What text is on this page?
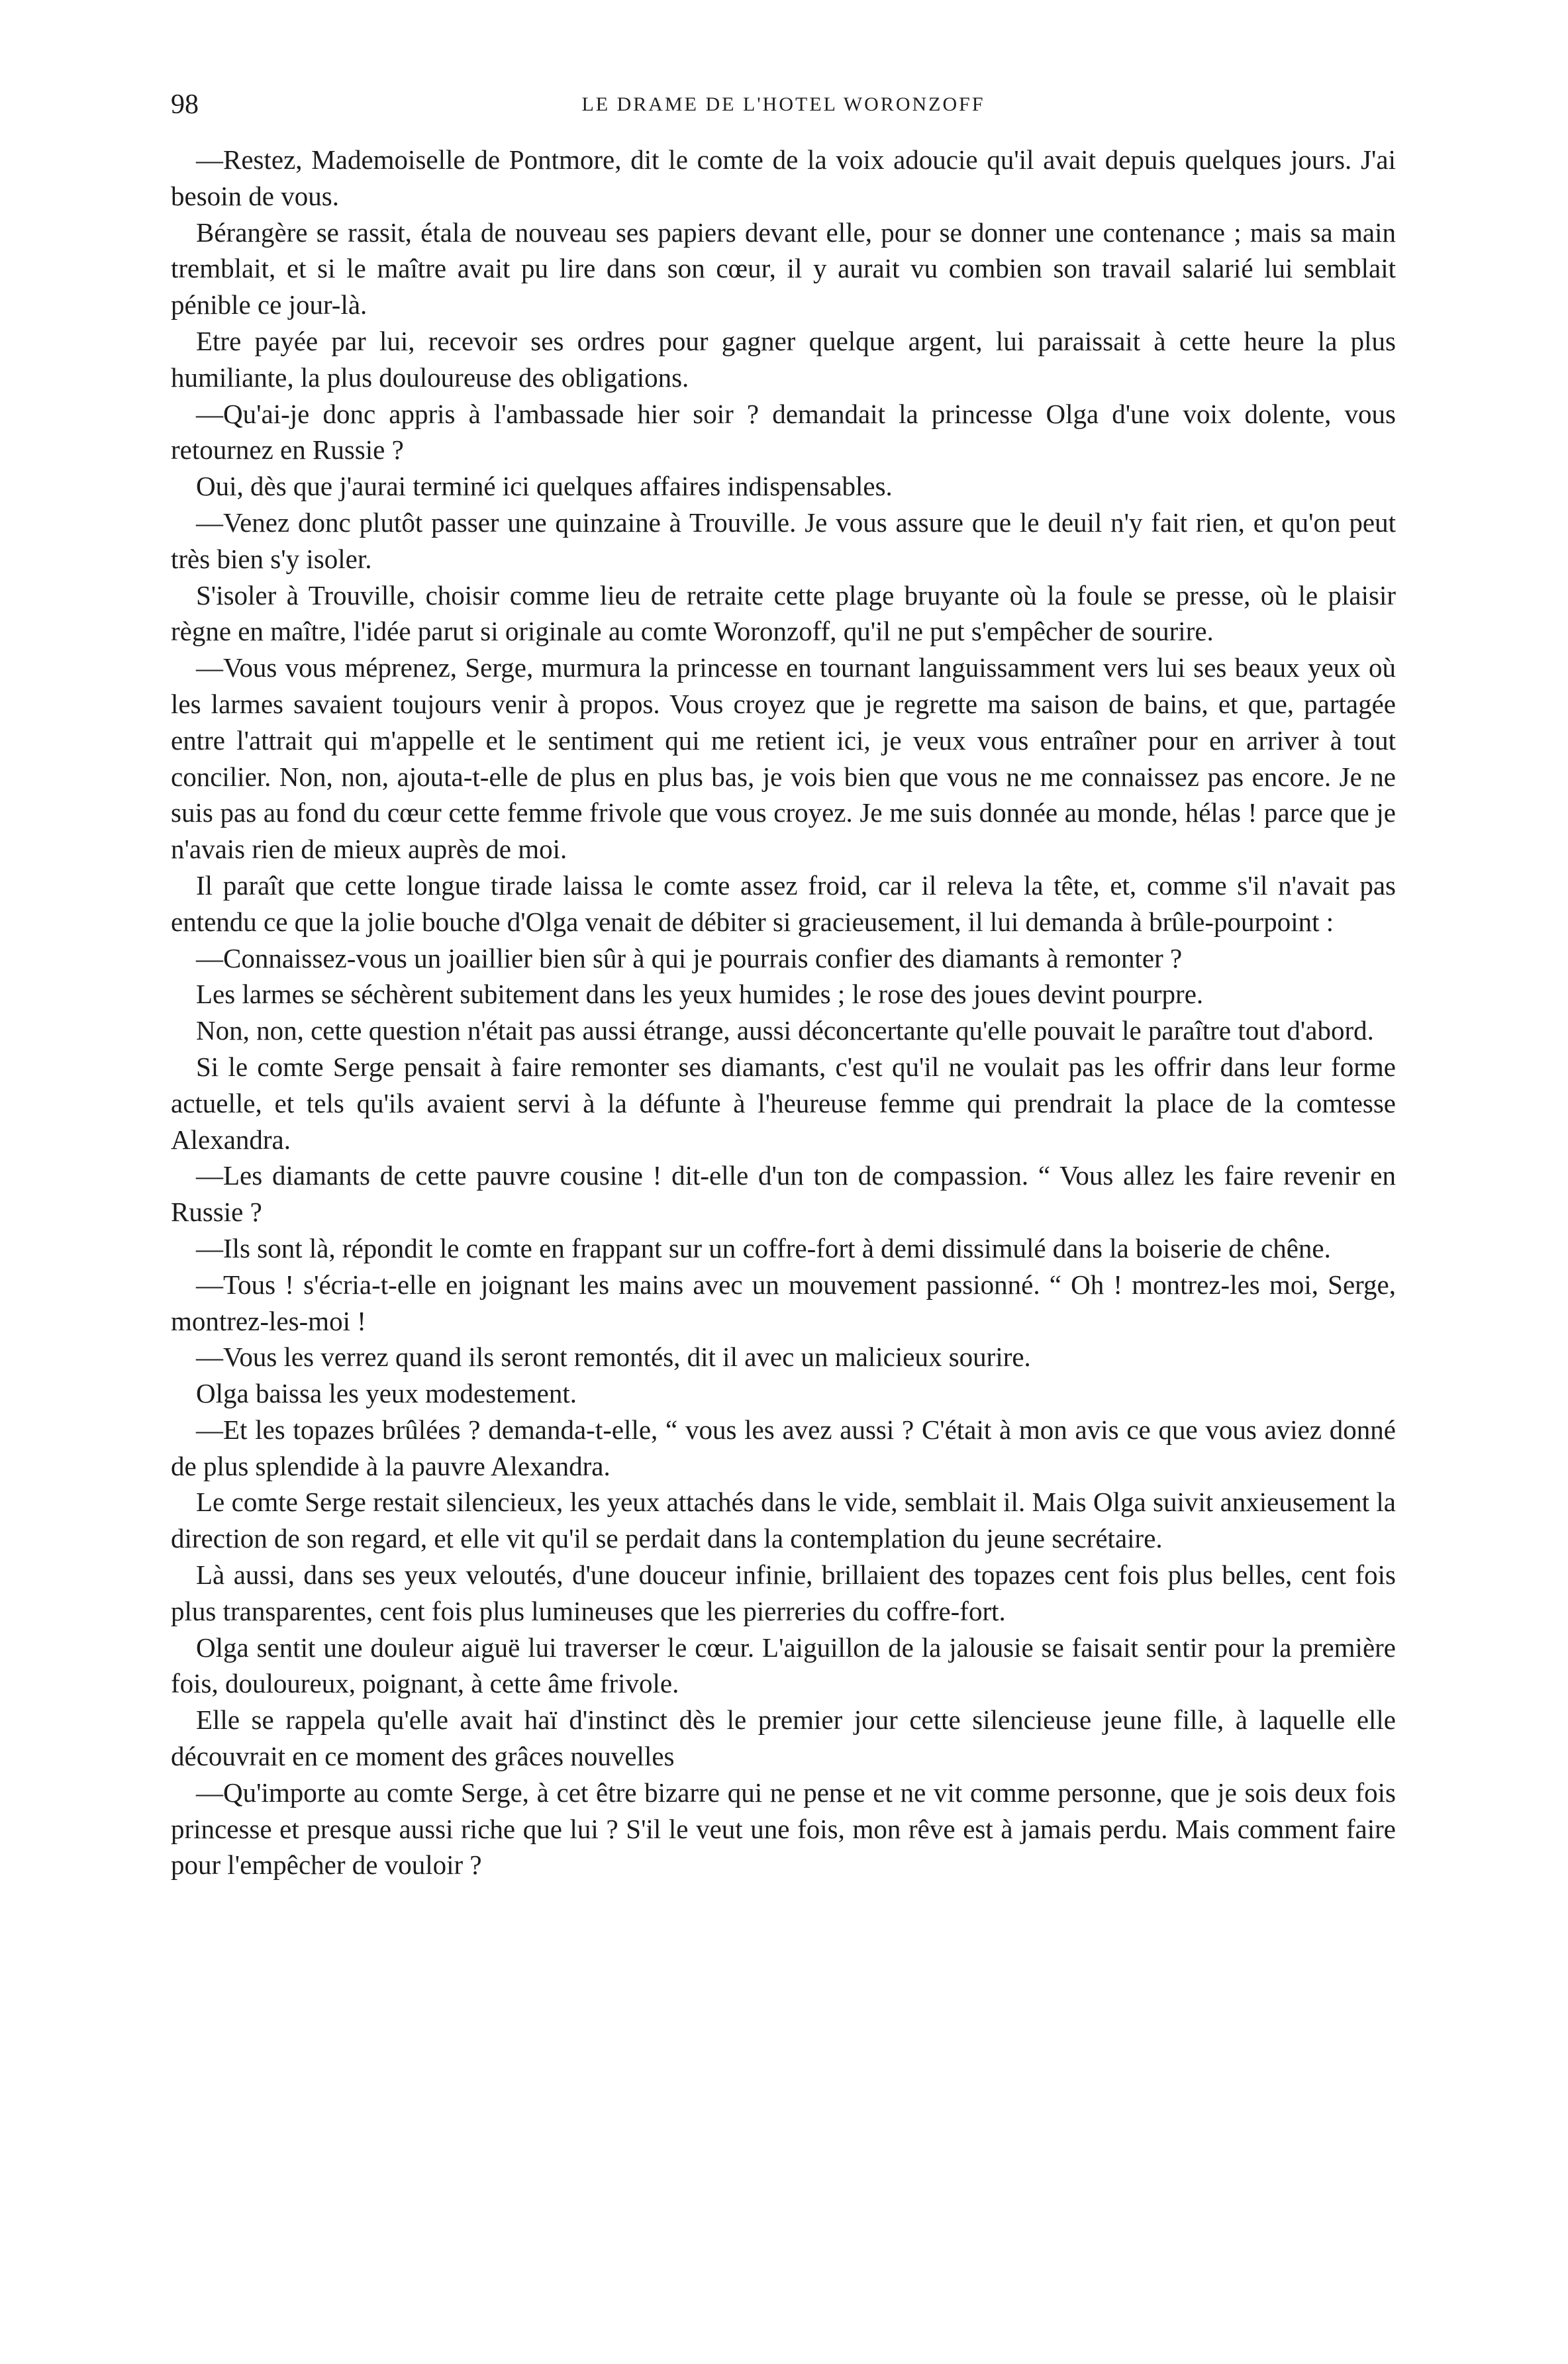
98	LE DRAME DE L'HOTEL WORONZOFF

—Restez, Mademoiselle de Pontmore, dit le comte de la voix adoucie qu'il avait depuis quelques jours. J'ai besoin de vous.

Bérangère se rassit, étala de nouveau ses papiers devant elle, pour se donner une contenance ; mais sa main tremblait, et si le maître avait pu lire dans son cœur, il y aurait vu combien son travail salarié lui semblait pénible ce jour-là.

Etre payée par lui, recevoir ses ordres pour gagner quelque argent, lui paraissait à cette heure la plus humiliante, la plus douloureuse des obligations.

—Qu'ai-je donc appris à l'ambassade hier soir ? demandait la princesse Olga d'une voix dolente, vous retournez en Russie ?

Oui, dès que j'aurai terminé ici quelques affaires indispensables.

—Venez donc plutôt passer une quinzaine à Trouville. Je vous assure que le deuil n'y fait rien, et qu'on peut très bien s'y isoler.

S'isoler à Trouville, choisir comme lieu de retraite cette plage bruyante où la foule se presse, où le plaisir règne en maître, l'idée parut si originale au comte Woronzoff, qu'il ne put s'empêcher de sourire.

—Vous vous méprenez, Serge, murmura la princesse en tournant languissamment vers lui ses beaux yeux où les larmes savaient toujours venir à propos. Vous croyez que je regrette ma saison de bains, et que, partagée entre l'attrait qui m'appelle et le sentiment qui me retient ici, je veux vous entraîner pour en arriver à tout concilier. Non, non, ajouta-t-elle de plus en plus bas, je vois bien que vous ne me connaissez pas encore. Je ne suis pas au fond du cœur cette femme frivole que vous croyez. Je me suis donnée au monde, hélas ! parce que je n'avais rien de mieux auprès de moi.

Il paraît que cette longue tirade laissa le comte assez froid, car il releva la tête, et, comme s'il n'avait pas entendu ce que la jolie bouche d'Olga venait de débiter si gracieusement, il lui demanda à brûle-pourpoint :

—Connaissez-vous un joaillier bien sûr à qui je pourrais confier des diamants à remonter ?

Les larmes se séchèrent subitement dans les yeux humides ; le rose des joues devint pourpre.

Non, non, cette question n'était pas aussi étrange, aussi déconcertante qu'elle pouvait le paraître tout d'abord.

Si le comte Serge pensait à faire remonter ses diamants, c'est qu'il ne voulait pas les offrir dans leur forme actuelle, et tels qu'ils avaient servi à la défunte à l'heureuse femme qui prendrait la place de la comtesse Alexandra.

—Les diamants de cette pauvre cousine ! dit-elle d'un ton de compassion. “ Vous allez les faire revenir en Russie ?

—Ils sont là, répondit le comte en frappant sur un coffre-fort à demi dissimulé dans la boiserie de chêne.

—Tous ! s'écria-t-elle en joignant les mains avec un mouvement passionné. “ Oh ! montrez-les moi, Serge, montrez-les-moi !

—Vous les verrez quand ils seront remontés, dit il avec un malicieux sourire.

Olga baissa les yeux modestement.

—Et les topazes brûlées ? demanda-t-elle, “ vous les avez aussi ? C'était à mon avis ce que vous aviez donné de plus splendide à la pauvre Alexandra.

Le comte Serge restait silencieux, les yeux attachés dans le vide, semblait il. Mais Olga suivit anxieusement la direction de son regard, et elle vit qu'il se perdait dans la contemplation du jeune secrétaire.

Là aussi, dans ses yeux veloutés, d'une douceur infinie, brillaient des topazes cent fois plus belles, cent fois plus transparentes, cent fois plus lumineuses que les pierreries du coffre-fort.

Olga sentit une douleur aiguë lui traverser le cœur. L'aiguillon de la jalousie se faisait sentir pour la première fois, douloureux, poignant, à cette âme frivole.

Elle se rappela qu'elle avait haï d'instinct dès le premier jour cette silencieuse jeune fille, à laquelle elle découvrait en ce moment des grâces nouvelles

—Qu'importe au comte Serge, à cet être bizarre qui ne pense et ne vit comme personne, que je sois deux fois princesse et presque aussi riche que lui ? S'il le veut une fois, mon rêve est à jamais perdu. Mais comment faire pour l'empêcher de vouloir ?
